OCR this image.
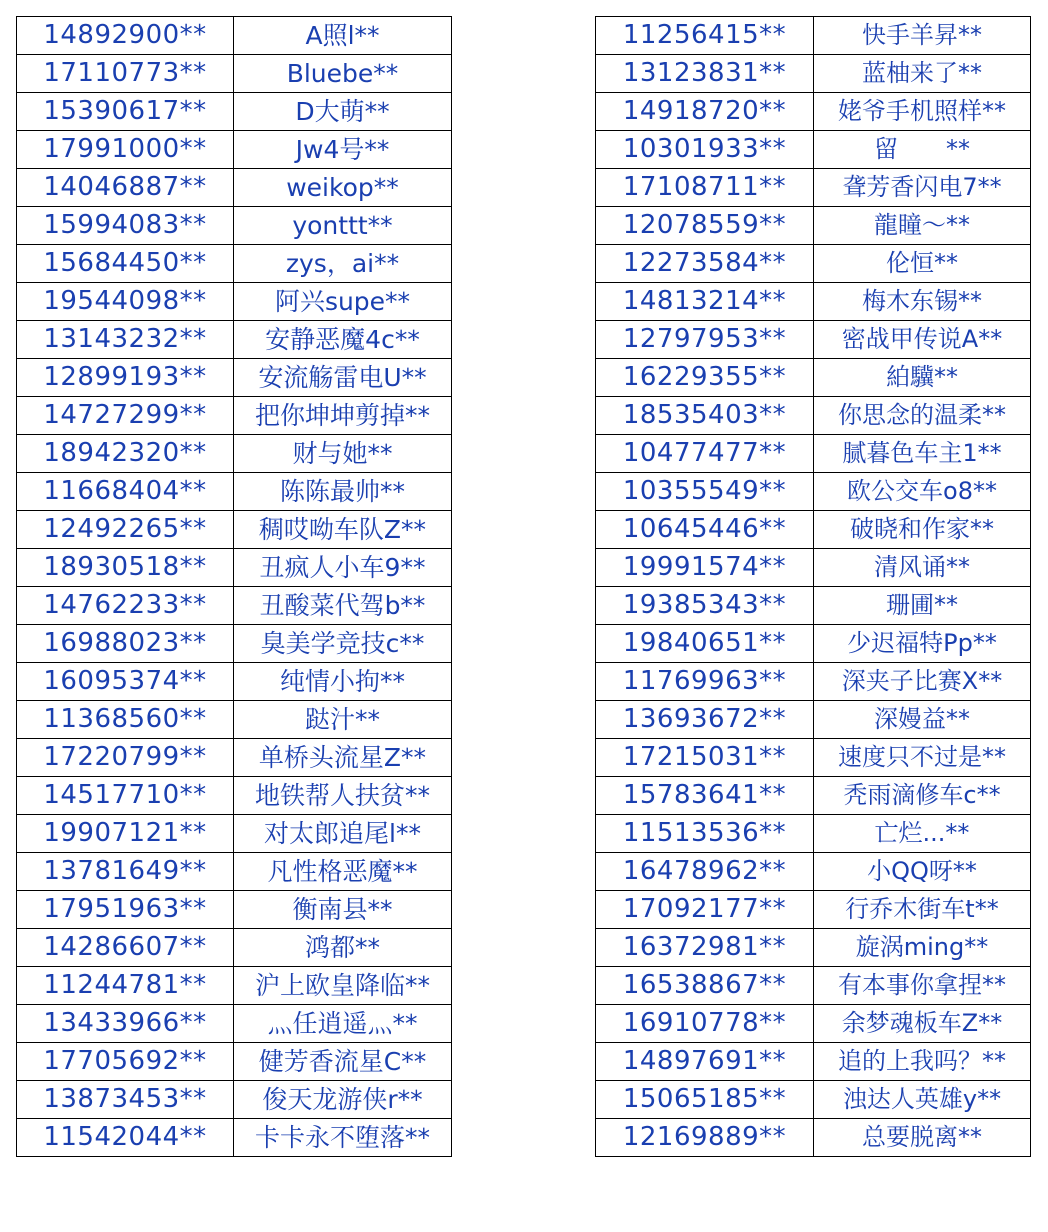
14892900**	A照l**
17110773**	Bluebe**
15390617**	D大萌**
17991000**	Jw4号**
14046887**	weikop**
15994083**	yonttt**
15684450**	zys，ai**
19544098**	阿兴supe**
13143232**	安静恶魔4c**
12899193**	安流觞雷电U**
14727299**	把你坤坤剪掉**
18942320**	财与她**
11668404**	陈陈最帅**
12492265**	稠哎呦车队Z**
18930518**	丑疯人小车9**
14762233**	丑酸菜代驾b**
16988023**	臭美学竞技c**
16095374**	纯情小拘**
11368560**	跶汁**
17220799**	单桥头流星Z**
14517710**	地铁帮人扶贫**
19907121**	对太郎追尾l**
13781649**	凡性格恶魔**
17951963**	衡南县**
14286607**	鸿都**
11244781**	沪上欧皇降临**
13433966**	灬任逍遥灬**
17705692**	健芳香流星C**
13873453**	俊天龙游侠r**
11542044**	卡卡永不堕落**
11256415**	快手羊昇**
13123831**	蓝柚来了**
14918720**	姥爷手机照样**
10301933**	留　　**
17108711**	聋芳香闪电7**
12078559**	龍瞳～**
12273584**	伦恒**
14813214**	梅木东锡**
12797953**	密战甲传说A**
16229355**	絈驥**
18535403**	你思念的温柔**
10477477**	腻暮色车主1**
10355549**	欧公交车o8**
10645446**	破晓和作家**
19991574**	清风诵**
19385343**	珊圃**
19840651**	少迟福特Pp**
11769963**	深夹子比赛X**
13693672**	深嫚益**
17215031**	速度只不过是**
15783641**	秃雨滴修车c**
11513536**	亡烂...**
16478962**	小QQ呀**
17092177**	行乔木街车t**
16372981**	旋涡ming**
16538867**	有本事你拿捏**
16910778**	余梦魂板车Z**
14897691**	追的上我吗？**
15065185**	浊达人英雄y**
12169889**	总要脱离**
